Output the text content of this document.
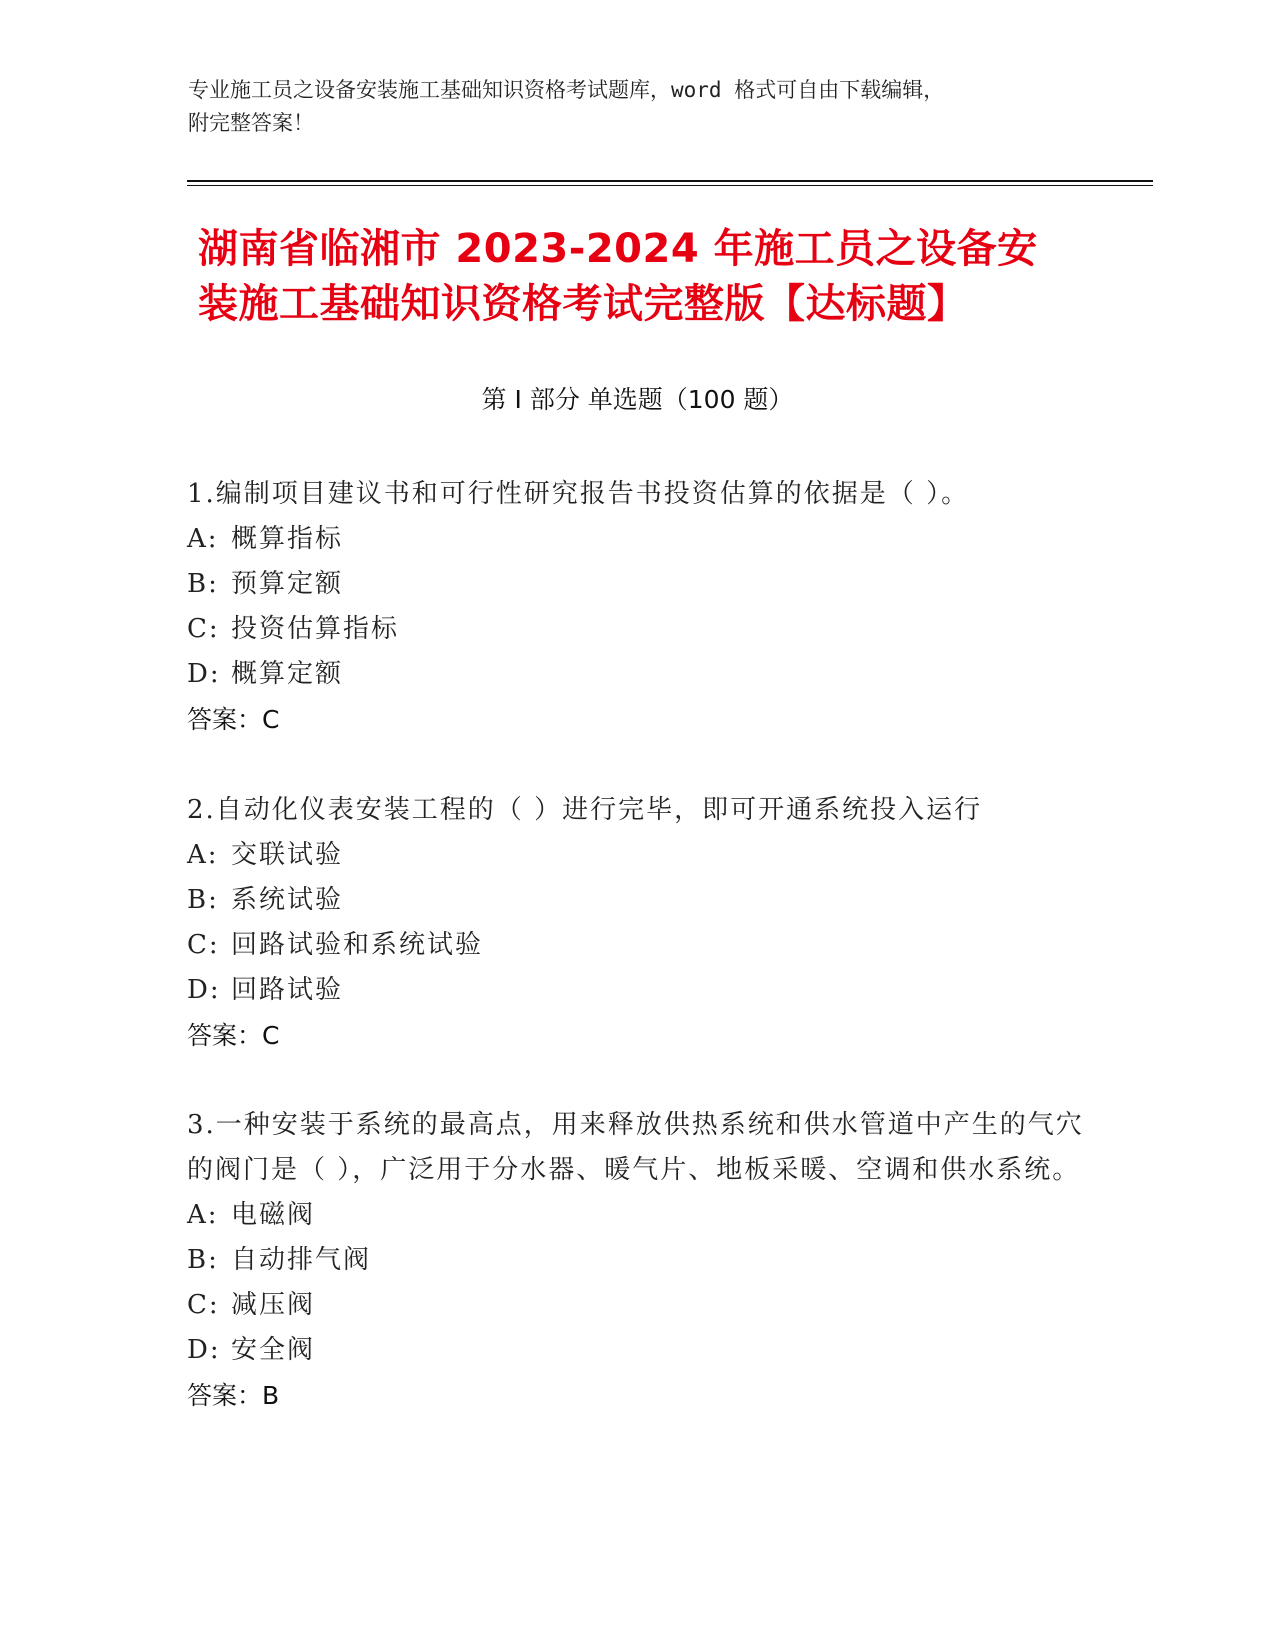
专业施工员之设备安装施工基础知识资格考试题库，word 格式可自由下载编辑，
附完整答案！
湖南省临湘市 2023-2024 年施工员之设备安
装施工基础知识资格考试完整版【达标题】
第 I 部分 单选题（100 题）
1.编制项目建议书和可行性研究报告书投资估算的依据是（ ）。
A: 概算指标
B: 预算定额
C: 投资估算指标
D: 概算定额
答案：C
2.自动化仪表安装工程的（ ）进行完毕，即可开通系统投入运行
A: 交联试验
B: 系统试验
C: 回路试验和系统试验
D: 回路试验
答案：C
3.一种安装于系统的最高点，用来释放供热系统和供水管道中产生的气穴的阀门是（ ），广泛用于分水器、暖气片、地板采暖、空调和供水系统。
A: 电磁阀
B: 自动排气阀
C: 减压阀
D: 安全阀
答案：B
